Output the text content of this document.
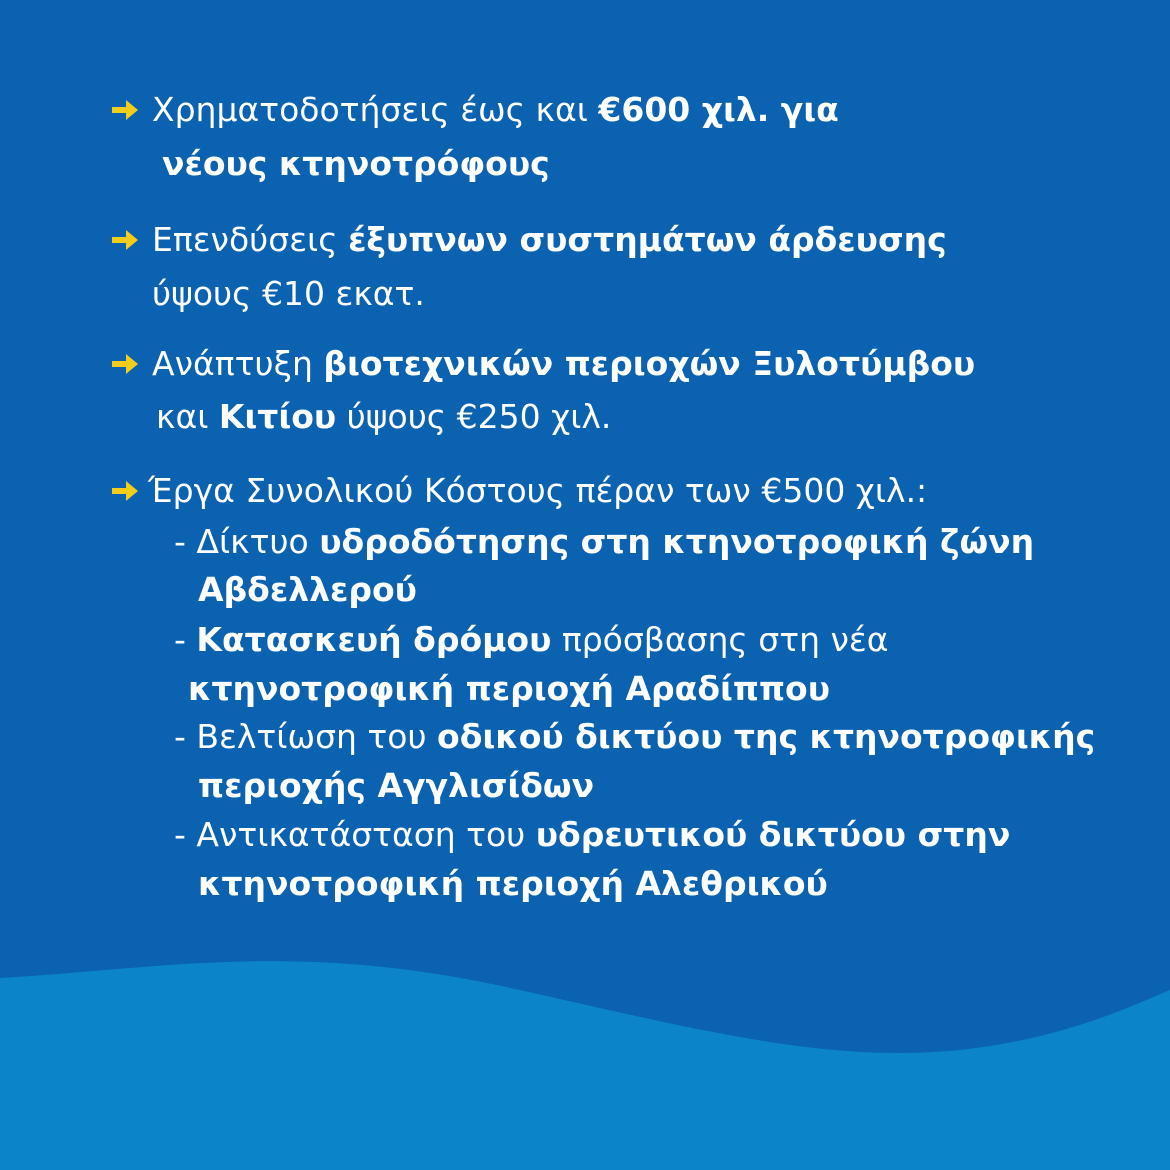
Χρηματοδοτήσεις έως και €600 χιλ. για
νέους κτηνοτρόφους
Επενδύσεις έξυπνων συστημάτων άρδευσης
ύψους €10 εκατ.
Ανάπτυξη βιοτεχνικών περιοχών Ξυλοτύμβου
και Κιτίου ύψους €250 χιλ.
Έργα Συνολικού Κόστους πέραν των €500 χιλ.:
- Δίκτυο υδροδότησης στη κτηνοτροφική ζώνη
Αβδελλερού
- Κατασκευή δρόμου πρόσβασης στη νέα
κτηνοτροφική περιοχή Αραδίππου
- Βελτίωση του οδικού δικτύου της κτηνοτροφικής
περιοχής Αγγλισίδων
- Αντικατάσταση του υδρευτικού δικτύου στην
κτηνοτροφική περιοχή Αλεθρικού
